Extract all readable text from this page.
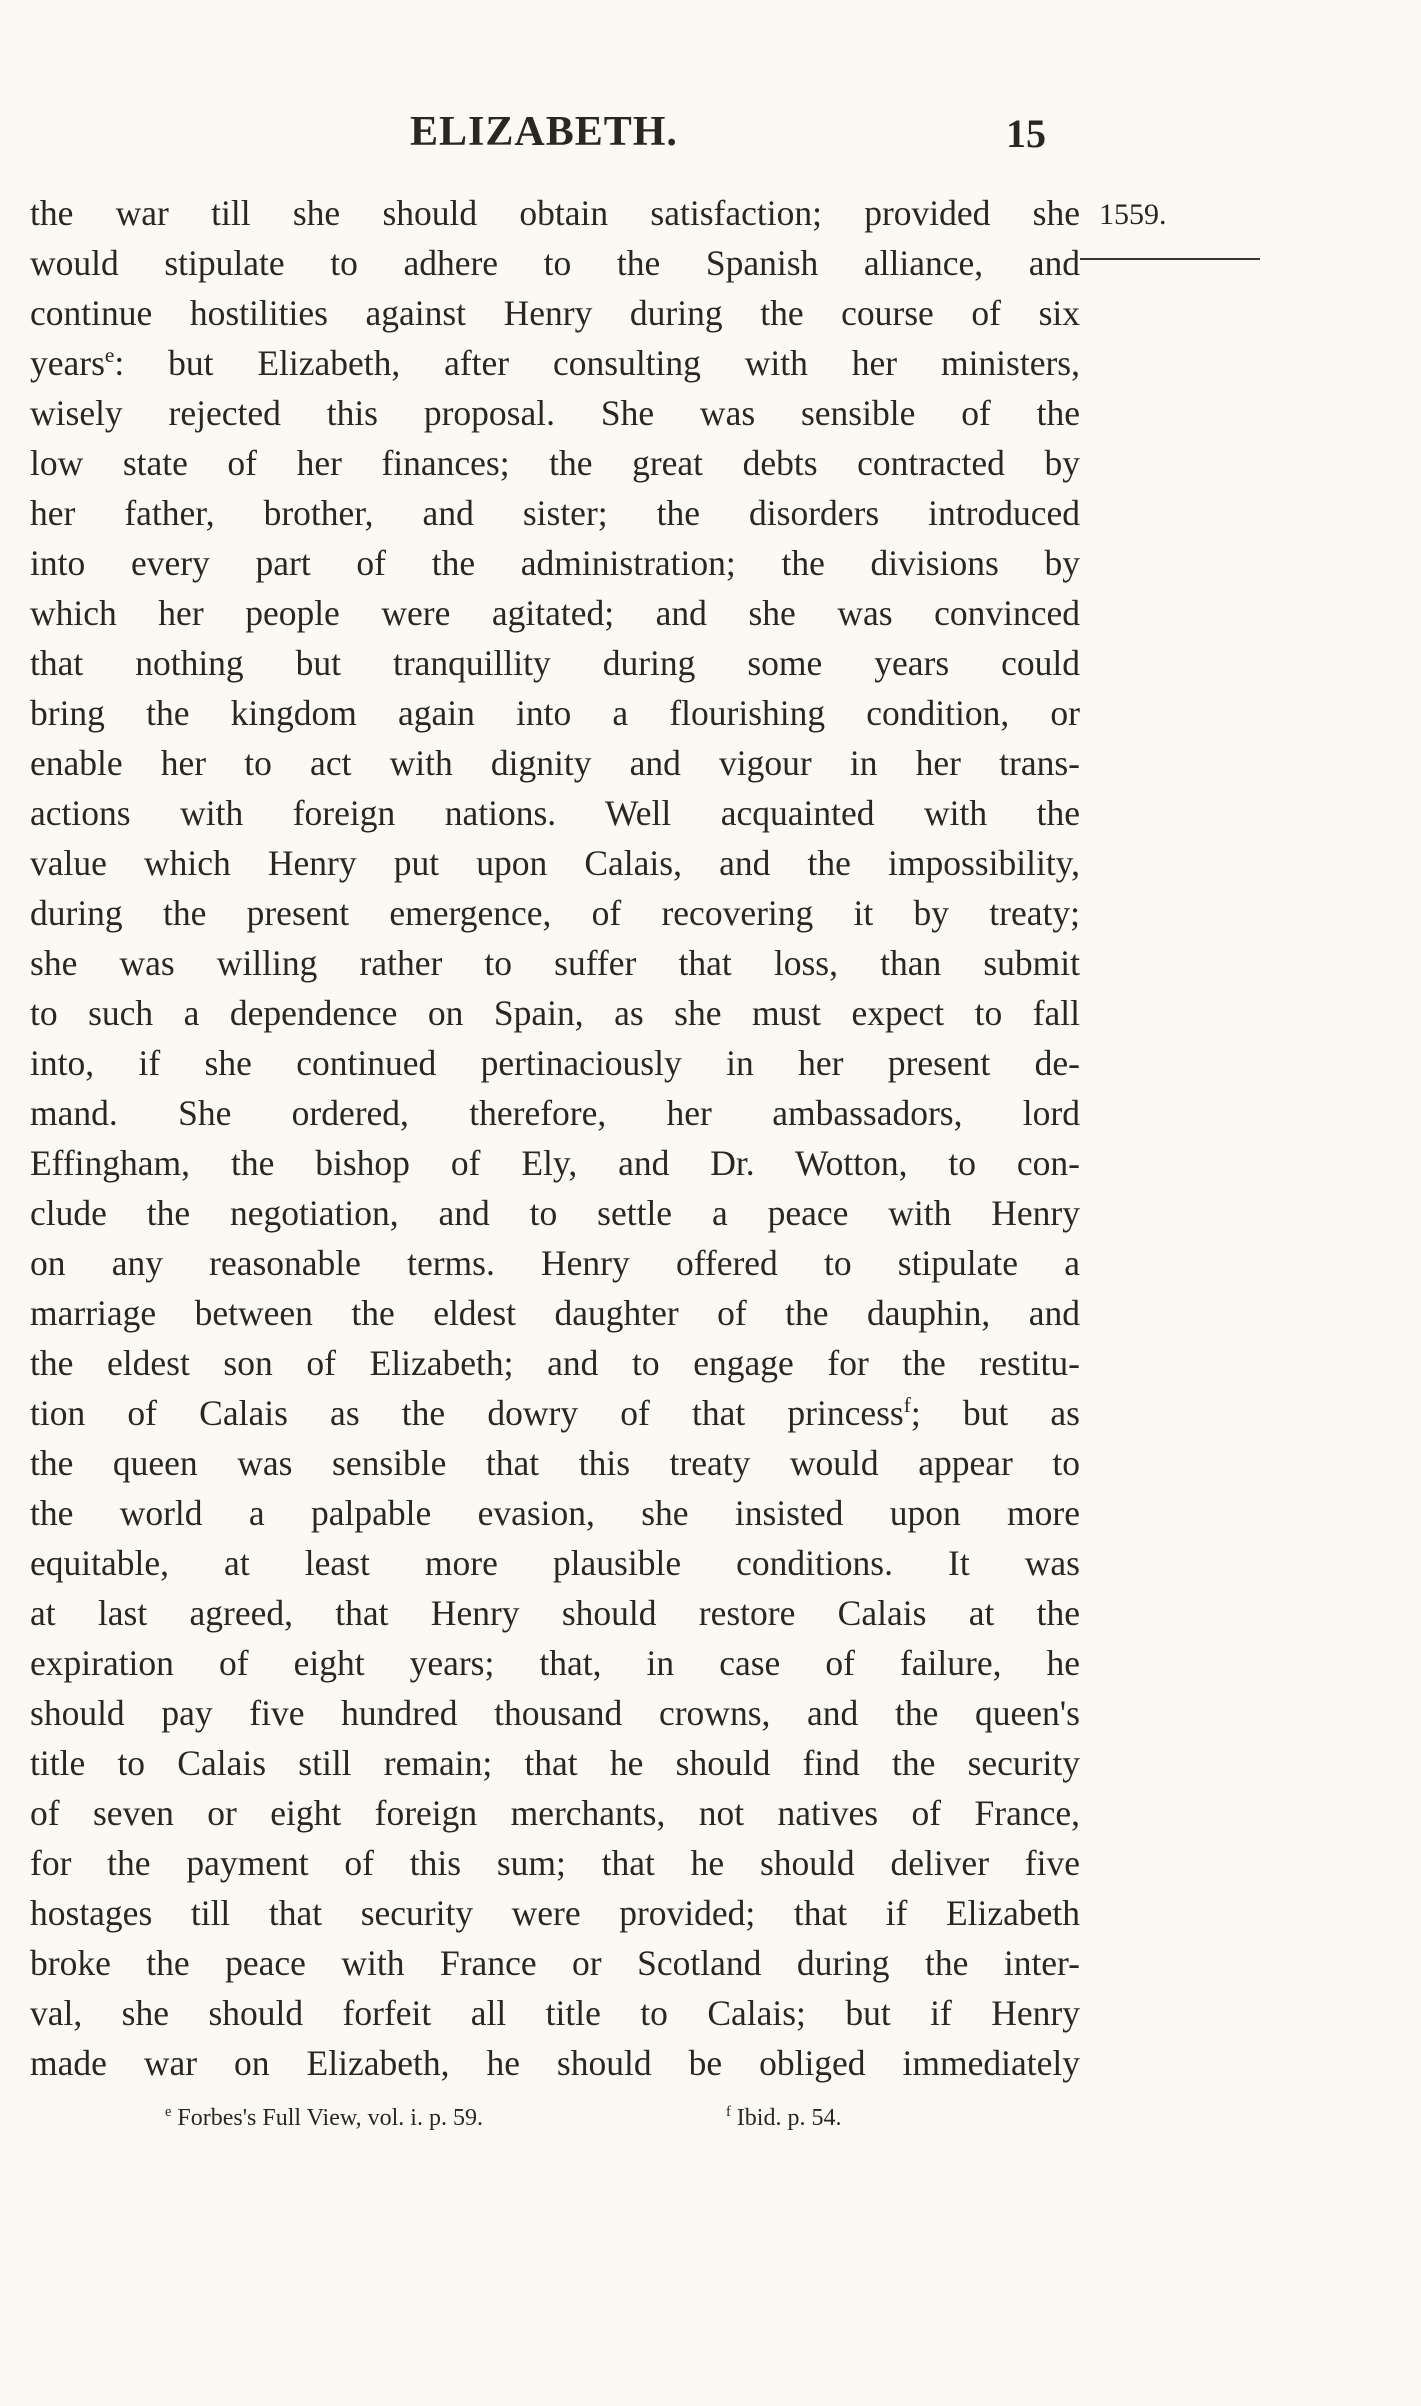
ELIZABETH.	15
1559.
the war till she should obtain satisfaction; provided she
would stipulate to adhere to the Spanish alliance, and
continue hostilities against Henry during the course of six
years$^e$: but Elizabeth, after consulting with her ministers,
wisely rejected this proposal. She was sensible of the
low state of her finances; the great debts contracted by
her father, brother, and sister; the disorders introduced
into every part of the administration; the divisions by
which her people were agitated; and she was convinced
that nothing but tranquillity during some years could
bring the kingdom again into a flourishing condition, or
enable her to act with dignity and vigour in her trans-
actions with foreign nations. Well acquainted with the
value which Henry put upon Calais, and the impossibility,
during the present emergence, of recovering it by treaty;
she was willing rather to suffer that loss, than submit
to such a dependence on Spain, as she must expect to fall
into, if she continued pertinaciously in her present de-
mand. She ordered, therefore, her ambassadors, lord
Effingham, the bishop of Ely, and Dr. Wotton, to con-
clude the negotiation, and to settle a peace with Henry
on any reasonable terms. Henry offered to stipulate a
marriage between the eldest daughter of the dauphin, and
the eldest son of Elizabeth; and to engage for the restitu-
tion of Calais as the dowry of that princess$^f$; but as
the queen was sensible that this treaty would appear to
the world a palpable evasion, she insisted upon more
equitable, at least more plausible conditions. It was
at last agreed, that Henry should restore Calais at the
expiration of eight years; that, in case of failure, he
should pay five hundred thousand crowns, and the queen's
title to Calais still remain; that he should find the security
of seven or eight foreign merchants, not natives of France,
for the payment of this sum; that he should deliver five
hostages till that security were provided; that if Elizabeth
broke the peace with France or Scotland during the inter-
val, she should forfeit all title to Calais; but if Henry
made war on Elizabeth, he should be obliged immediately
$^e$ Forbes's Full View, vol. i. p. 59.	$^f$ Ibid. p. 54.
